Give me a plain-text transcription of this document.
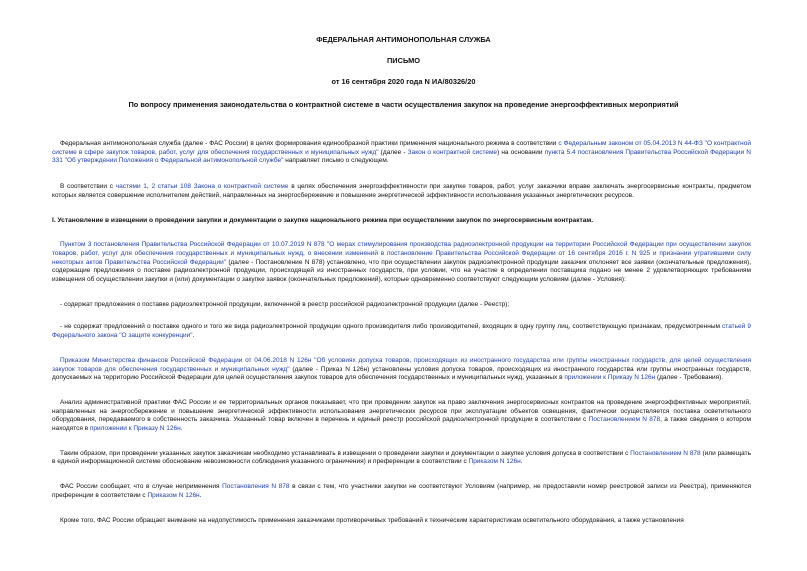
ФЕДЕРАЛЬНАЯ АНТИМОНОПОЛЬНАЯ СЛУЖБА
ПИСЬМО
от 16 сентября 2020 года N ИА/80326/20
По вопросу применения законодательства о контрактной системе в части осуществления закупок на проведение энергоэффективных мероприятий

Федеральная антимонопольная служба (далее - ФАС России) в целях формирования единообразной практики применения национального режима в соответствии с Федеральным законом от 05.04.2013 N 44-ФЗ "О контрактной системе в сфере закупок товаров, работ, услуг для обеспечения государственных и муниципальных нужд" (далее - Закон о контрактной системе) на основании пункта 5.4 постановления Правительства Российской Федерации N 331 "Об утверждении Положения о Федеральной антимонопольной службе" направляет письмо о следующем.

В соответствии с частями 1, 2 статьи 108 Закона о контрактной системе в целях обеспечения энергоэффективности при закупке товаров, работ, услуг заказчики вправе заключать энергосервисные контракты, предметом которых является совершение исполнителем действий, направленных на энергосбережение и повышение энергетической эффективности использования указанных энергетических ресурсов.

I. Установление в извещении о проведении закупки и документации о закупке национального режима при осуществлении закупок по энергосервисным контрактам.

Пунктом 3 постановления Правительства Российской Федерации от 10.07.2019 N 878 "О мерах стимулирования производства радиоэлектронной продукции на территории Российской Федерации при осуществлении закупок товаров, работ, услуг для обеспечения государственных и муниципальных нужд, о внесении изменений в постановление Правительства Российской Федерации от 16 сентября 2016 г. N 925 и признании утратившими силу некоторых актов Правительства Российской Федерации" (далее - Постановление N 878) установлено, что при осуществлении закупок радиоэлектронной продукции заказчик отклоняет все заявки (окончательные предложения), содержащие предложения о поставке радиоэлектронной продукции, происходящей из иностранных государств, при условии, что на участие в определении поставщика подано не менее 2 удовлетворяющих требованиям извещения об осуществлении закупки и (или) документации о закупке заявок (окончательных предложений), которые одновременно соответствуют следующим условиям (далее - Условия):

- содержат предложения о поставке радиоэлектронной продукции, включенной в реестр российской радиоэлектронной продукции (далее - Реестр);

- не содержат предложений о поставке одного и того же вида радиоэлектронной продукции одного производителя либо производителей, входящих в одну группу лиц, соответствующую признакам, предусмотренным статьей 9 Федерального закона "О защите конкуренции".

Приказом Министерства финансов Российской Федерации от 04.06.2018 N 126н "Об условиях допуска товаров, происходящих из иностранного государства или группы иностранных государств, для целей осуществления закупок товаров для обеспечения государственных и муниципальных нужд" (далее - Приказ N 126н) установлены условия допуска товаров, происходящих из иностранного государства или группы иностранных государств, допускаемых на территорию Российской Федерации для целей осуществления закупок товаров для обеспечения государственных и муниципальных нужд, указанных в приложении к Приказу N 126н (далее - Требования).

Анализ административной практики ФАС России и ее территориальных органов показывает, что при проведении закупок на право заключения энергосервисных контрактов на проведение энергоэффективных мероприятий, направленных на энергосбережение и повышение энергетической эффективности использования энергетических ресурсов при эксплуатации объектов освещения, фактически осуществляется поставка осветительного оборудования, передаваемого в собственность заказчика. Указанный товар включен в перечень и единый реестр российской радиоэлектронной продукции в соответствии с Постановлением N 878, а также сведения о котором находятся в приложении к Приказу N 126н.

Таким образом, при проведении указанных закупок заказчикам необходимо устанавливать в извещении о проведении закупки и документации о закупке условия допуска в соответствии с Постановлением N 878 (или размещать в единой информационной системе обоснование невозможности соблюдения указанного ограничения) и преференции в соответствии с Приказом N 126н.

ФАС России сообщает, что в случае неприменения Постановления N 878 в связи с тем, что участники закупки не соответствуют Условиям (например, не предоставили номер реестровой записи из Реестра), применяются преференции в соответствии с Приказом N 126н.

Кроме того, ФАС России обращает внимание на недопустимость применения заказчиками противоречивых требований к техническим характеристикам осветительного оборудования, а также установления
